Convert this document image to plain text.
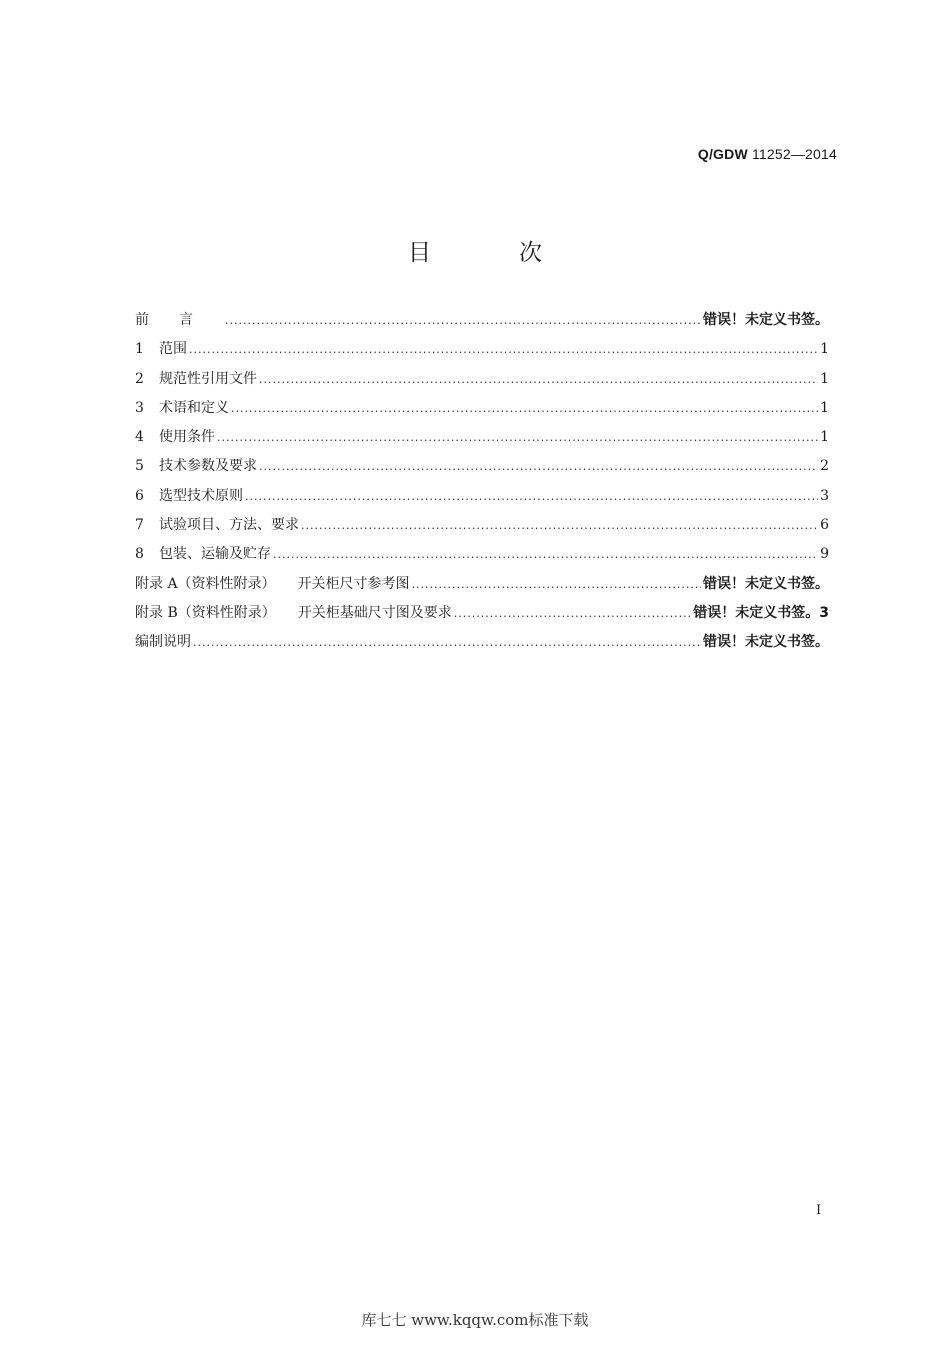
Q/GDW 11252—2014
目	次
前言 .....	错误！未定义书签。
1 范围 .....	1
2 规范性引用文件 .....	1
3 术语和定义 .....	1
4 使用条件 .....	1
5 技术参数及要求 .....	2
6 选型技术原则 .....	3
7 试验项目、方法、要求 .....	6
8 包装、运输及贮存 .....	9
附录 A（资料性附录） 开关柜尺寸参考图 .....	错误！未定义书签。
附录 B（资料性附录） 开关柜基础尺寸图及要求 .....	错误！未定义书签。3
编制说明 .....	错误！未定义书签。
I
库七七 www.kqqw.com标准下载
